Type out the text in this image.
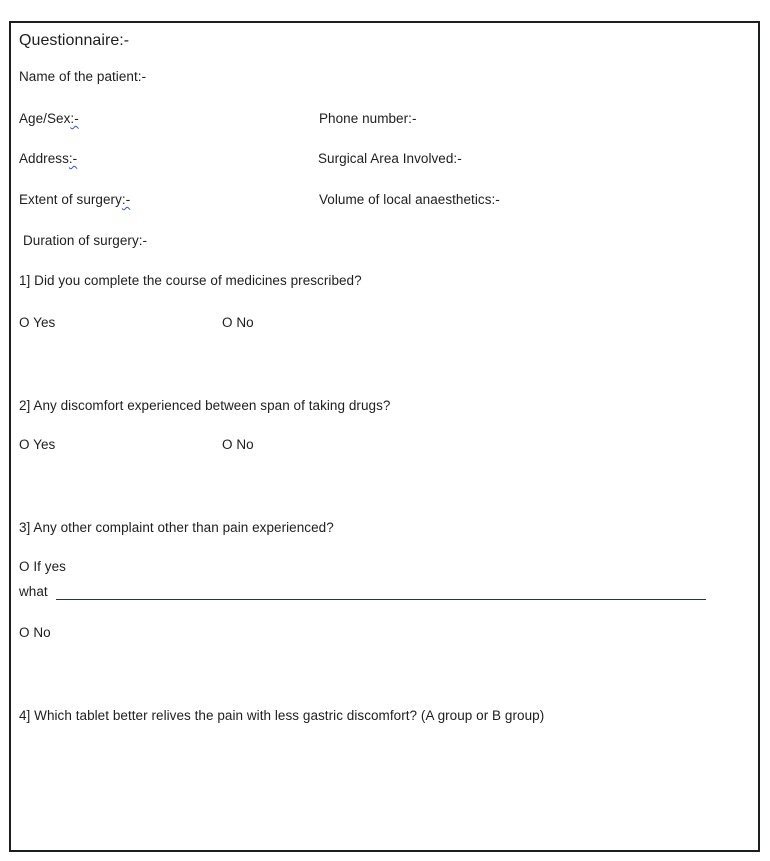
Questionnaire:-
Name of the patient:-
Age/Sex:-	Phone number:-
Address:-	Surgical Area Involved:-
Extent of surgery:-	Volume of local anaesthetics:-
Duration of surgery:-
1] Did you complete the course of medicines prescribed?
O Yes	O No
2] Any discomfort experienced between span of taking drugs?
O Yes	O No
3] Any other complaint other than pain experienced?
O If yes
what
O No
4] Which tablet better relives the pain with less gastric discomfort? (A group or B group)
